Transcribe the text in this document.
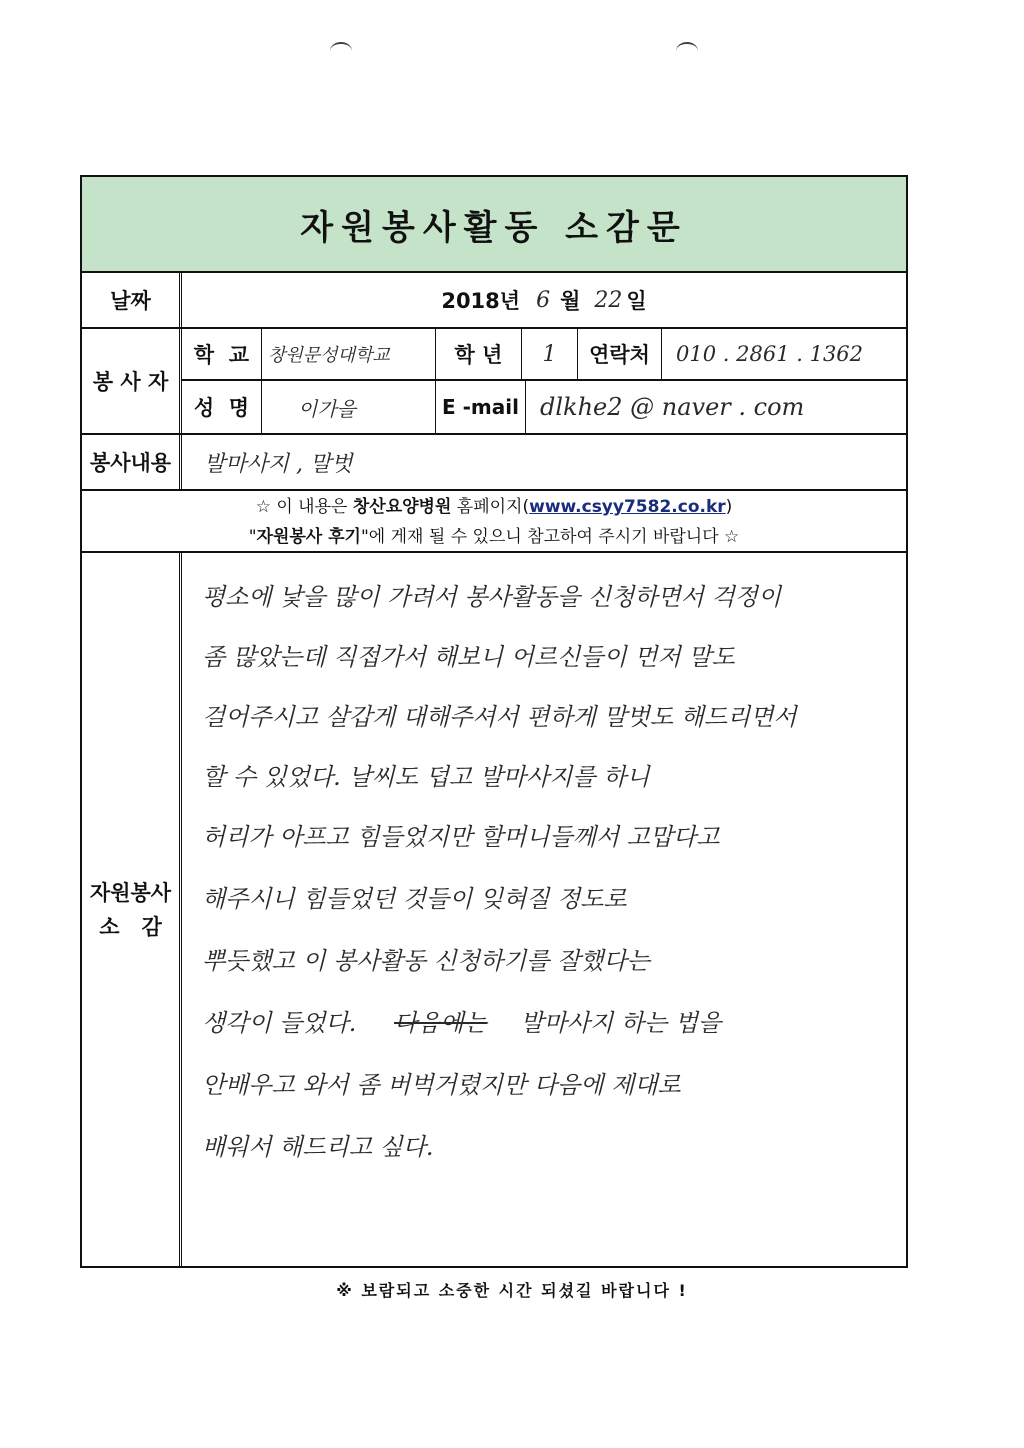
자원봉사활동 소감문
날짜	2018년 6 월 22 일
봉 사 자
학  교	창원문성대학교	학 년	1	연락처	010 . 2861 . 1362
성  명	이가을	E -mail dlkhe2 @ naver . com
봉사내용	발마사지 , 말벗
☆ 이 내용은 창산요양병원 홈페이지(www.csyy7582.co.kr)
"자원봉사 후기"에 게재 될 수 있으니 참고하여 주시기 바랍니다 ☆
자원봉사
소   감
평소에 낯을 많이 가려서 봉사활동을 신청하면서 걱정이
좀 많았는데 직접가서 해보니 어르신들이 먼저 말도
걸어주시고 살갑게 대해주셔서 편하게 말벗도 해드리면서
할 수 있었다. 날씨도 덥고 발마사지를 하니
허리가 아프고 힘들었지만 할머니들께서 고맙다고
해주시니 힘들었던 것들이 잊혀질 정도로
뿌듯했고 이 봉사활동 신청하기를 잘했다는
생각이 들었다. 다음에는 발마사지 하는 법을
안배우고 와서 좀 버벅거렸지만 다음에 제대로
배워서 해드리고 싶다.
※ 보람되고 소중한 시간 되셨길 바랍니다 !
